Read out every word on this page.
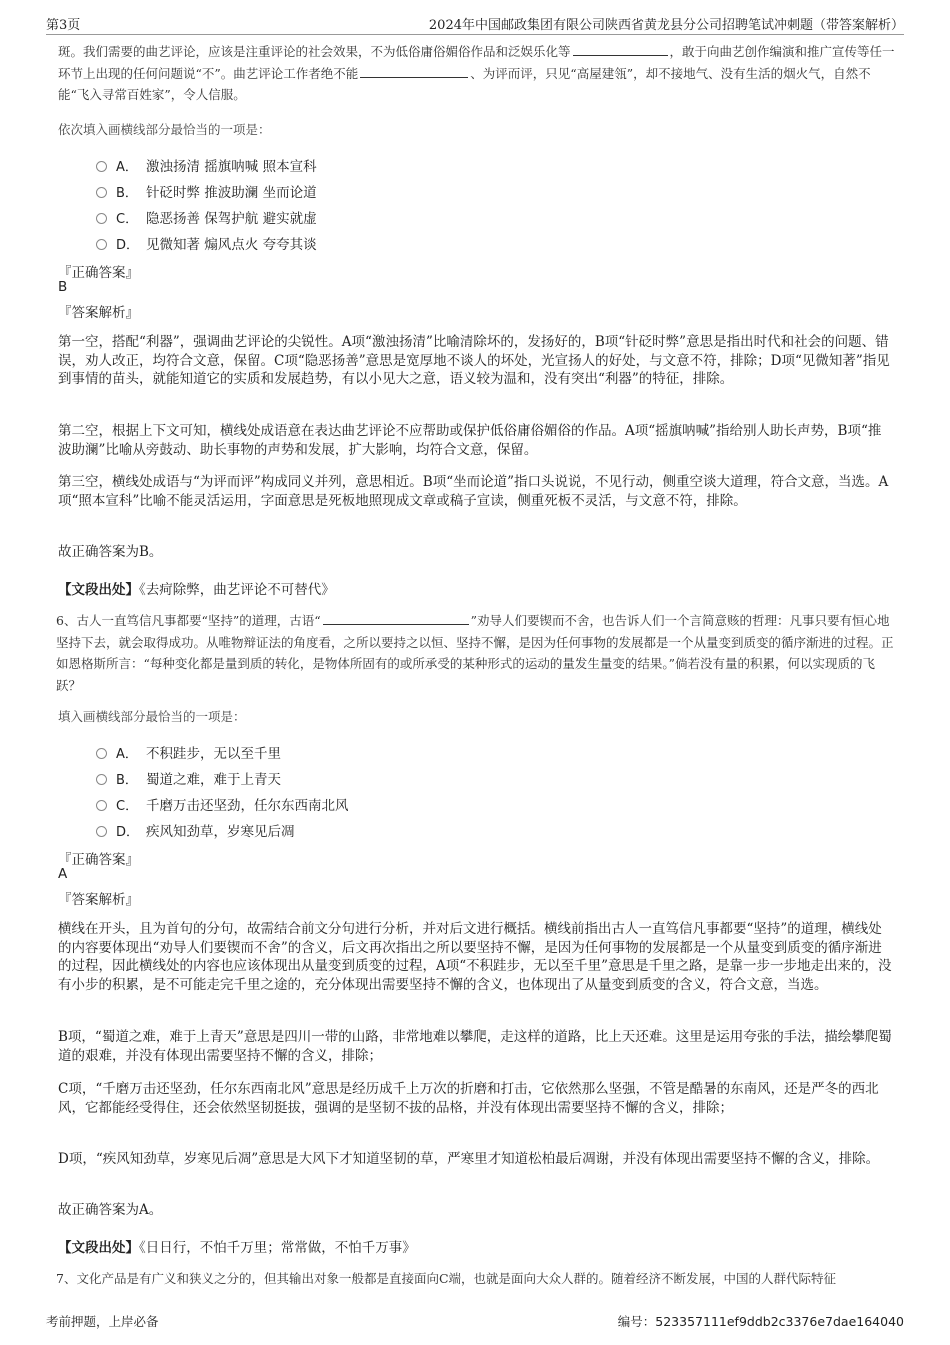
第3页	2024年中国邮政集团有限公司陕西省黄龙县分公司招聘笔试冲刺题（带答案解析）
斑。我们需要的曲艺评论，应该是注重评论的社会效果，不为低俗庸俗媚俗作品和泛娱乐化等	，敢于向曲艺创作编演和推广宣传等任一环节上出现的任何问题说“不”。曲艺评论工作者绝不能	、为评而评，只见“高屋建瓴”，却不接地气、没有生活的烟火气，自然不能“飞入寻常百姓家”，令人信服。
依次填入画横线部分最恰当的一项是：
A． 激浊扬清 摇旗呐喊 照本宣科
B． 针砭时弊 推波助澜 坐而论道
C． 隐恶扬善 保驾护航 避实就虚
D． 见微知著 煽风点火 夸夸其谈
『正确答案』
B
『答案解析』
第一空，搭配“利器”，强调曲艺评论的尖锐性。A项“激浊扬清”比喻清除坏的，发扬好的，B项“针砭时弊”意思是指出时代和社会的问题、错误，劝人改正，均符合文意，保留。C项“隐恶扬善”意思是宽厚地不谈人的坏处，光宣扬人的好处，与文意不符，排除；D项“见微知著”指见到事情的苗头，就能知道它的实质和发展趋势，有以小见大之意，语义较为温和，没有突出“利器”的特征，排除。
第二空，根据上下文可知，横线处成语意在表达曲艺评论不应帮助或保护低俗庸俗媚俗的作品。A项“摇旗呐喊”指给别人助长声势，B项“推波助澜”比喻从旁鼓动、助长事物的声势和发展，扩大影响，均符合文意，保留。
第三空，横线处成语与“为评而评”构成同义并列，意思相近。B项“坐而论道”指口头说说，不见行动，侧重空谈大道理，符合文意，当选。A项“照本宣科”比喻不能灵活运用，字面意思是死板地照现成文章或稿子宣读，侧重死板不灵活，与文意不符，排除。
故正确答案为B。
【文段出处】《去疴除弊，曲艺评论不可替代》
6、古人一直笃信凡事都要“坚持”的道理，古语“	”劝导人们要锲而不舍，也告诉人们一个言简意赅的哲理：凡事只要有恒心地坚持下去，就会取得成功。从唯物辩证法的角度看，之所以要持之以恒、坚持不懈，是因为任何事物的发展都是一个从量变到质变的循序渐进的过程。正如恩格斯所言：“每种变化都是量到质的转化，是物体所固有的或所承受的某种形式的运动的量发生量变的结果。”倘若没有量的积累，何以实现质的飞跃？
填入画横线部分最恰当的一项是：
A． 不积跬步，无以至千里
B． 蜀道之难，难于上青天
C． 千磨万击还坚劲，任尔东西南北风
D． 疾风知劲草，岁寒见后凋
『正确答案』
A
『答案解析』
横线在开头，且为首句的分句，故需结合前文分句进行分析，并对后文进行概括。横线前指出古人一直笃信凡事都要“坚持”的道理，横线处的内容要体现出“劝导人们要锲而不舍”的含义，后文再次指出之所以要坚持不懈，是因为任何事物的发展都是一个从量变到质变的循序渐进的过程，因此横线处的内容也应该体现出从量变到质变的过程，A项“不积跬步，无以至千里”意思是千里之路，是靠一步一步地走出来的，没有小步的积累，是不可能走完千里之途的，充分体现出需要坚持不懈的含义，也体现出了从量变到质变的含义，符合文意，当选。
B项，“蜀道之难，难于上青天”意思是四川一带的山路，非常地难以攀爬，走这样的道路，比上天还难。这里是运用夸张的手法，描绘攀爬蜀道的艰难，并没有体现出需要坚持不懈的含义，排除；
C项，“千磨万击还坚劲，任尔东西南北风”意思是经历成千上万次的折磨和打击，它依然那么坚强，不管是酷暑的东南风，还是严冬的西北风，它都能经受得住，还会依然坚韧挺拔，强调的是坚韧不拔的品格，并没有体现出需要坚持不懈的含义，排除；
D项，“疾风知劲草，岁寒见后凋”意思是大风下才知道坚韧的草，严寒里才知道松柏最后凋谢，并没有体现出需要坚持不懈的含义，排除。
故正确答案为A。
【文段出处】《日日行，不怕千万里；常常做，不怕千万事》
7、文化产品是有广义和狭义之分的，但其输出对象一般都是直接面向C端，也就是面向大众人群的。随着经济不断发展，中国的人群代际特征
考前押题，上岸必备	编号：523357111ef9ddb2c3376e7dae164040
